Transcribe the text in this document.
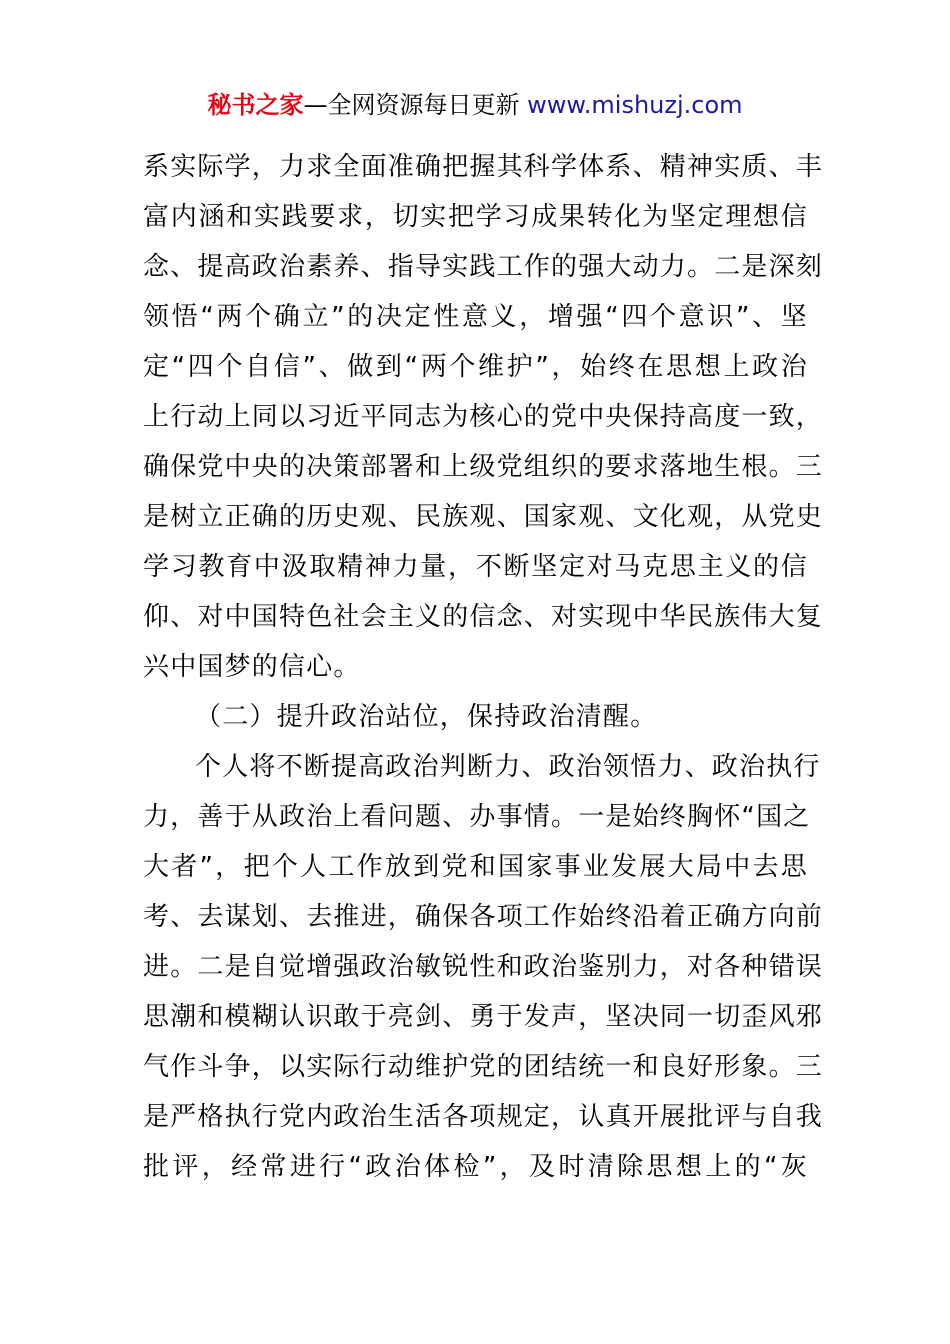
秘书之家—全网资源每日更新 www.mishuzj.com
系实际学，力求全面准确把握其科学体系、精神实质、丰
富内涵和实践要求，切实把学习成果转化为坚定理想信
念、提高政治素养、指导实践工作的强大动力。二是深刻
领悟“两个确立”的决定性意义，增强“四个意识”、坚
定“四个自信”、做到“两个维护”，始终在思想上政治
上行动上同以习近平同志为核心的党中央保持高度一致，
确保党中央的决策部署和上级党组织的要求落地生根。三
是树立正确的历史观、民族观、国家观、文化观，从党史
学习教育中汲取精神力量，不断坚定对马克思主义的信
仰、对中国特色社会主义的信念、对实现中华民族伟大复
兴中国梦的信心。
（二）提升政治站位，保持政治清醒。
个人将不断提高政治判断力、政治领悟力、政治执行
力，善于从政治上看问题、办事情。一是始终胸怀“国之
大者”，把个人工作放到党和国家事业发展大局中去思
考、去谋划、去推进，确保各项工作始终沿着正确方向前
进。二是自觉增强政治敏锐性和政治鉴别力，对各种错误
思潮和模糊认识敢于亮剑、勇于发声，坚决同一切歪风邪
气作斗争，以实际行动维护党的团结统一和良好形象。三
是严格执行党内政治生活各项规定，认真开展批评与自我
批评，经常进行“政治体检”，及时清除思想上的“灰
